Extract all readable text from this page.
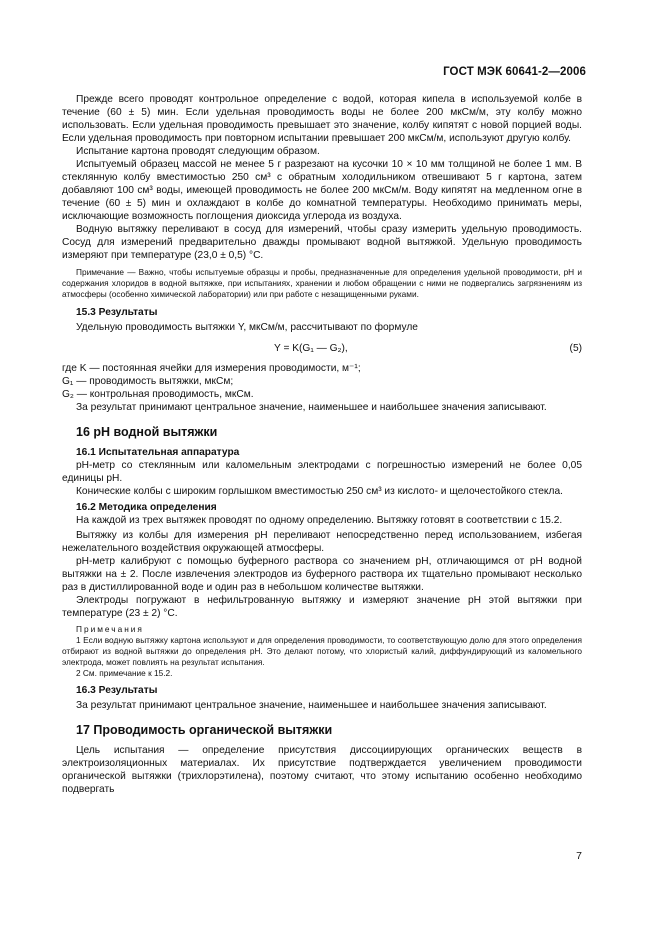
ГОСТ МЭК 60641-2—2006

Прежде всего проводят контрольное определение с водой, которая кипела в используемой колбе в течение (60 ± 5) мин. Если удельная проводимость воды не более 200 мкСм/м, эту колбу можно использовать. Если удельная проводимость превышает это значение, колбу кипятят с новой порцией воды. Если удельная проводимость при повторном испытании превышает 200 мкСм/м, используют другую колбу.

Испытание картона проводят следующим образом.

Испытуемый образец массой не менее 5 г разрезают на кусочки 10 × 10 мм толщиной не более 1 мм. В стеклянную колбу вместимостью 250 см³ с обратным холодильником отвешивают 5 г картона, затем добавляют 100 см³ воды, имеющей проводимость не более 200 мкСм/м. Воду кипятят на медленном огне в течение (60 ± 5) мин и охлаждают в колбе до комнатной температуры. Необходимо принимать меры, исключающие возможность поглощения диоксида углерода из воздуха.

Водную вытяжку переливают в сосуд для измерений, чтобы сразу измерить удельную проводимость. Сосуд для измерений предварительно дважды промывают водной вытяжкой. Удельную проводимость измеряют при температуре (23,0 ± 0,5) °С.

Примечание — Важно, чтобы испытуемые образцы и пробы, предназначенные для определения удельной проводимости, рН и содержания хлоридов в водной вытяжке, при испытаниях, хранении и любом обращении с ними не подвергались загрязнениям из атмосферы (особенно химической лаборатории) или при работе с незащищенными руками.

15.3 Результаты

Удельную проводимость вытяжки Y, мкСм/м, рассчитывают по формуле

Y = K(G₁ — G₂),	(5)

где K — постоянная ячейки для измерения проводимости, м⁻¹;

G₁ — проводимость вытяжки, мкСм;

G₂ — контрольная проводимость, мкСм.

За результат принимают центральное значение, наименьшее и наибольшее значения записывают.

16 pH водной вытяжки

16.1 Испытательная аппаратура

pH-метр со стеклянным или каломельным электродами с погрешностью измерений не более 0,05 единицы pH.

Конические колбы с широким горлышком вместимостью 250 см³ из кислото- и щелочестойкого стекла.

16.2 Методика определения

На каждой из трех вытяжек проводят по одному определению. Вытяжку готовят в соответствии с 15.2.

Вытяжку из колбы для измерения pH переливают непосредственно перед использованием, избегая нежелательного воздействия окружающей атмосферы.

pH-метр калибруют с помощью буферного раствора со значением pH, отличающимся от pH водной вытяжки на ± 2. После извлечения электродов из буферного раствора их тщательно промывают несколько раз в дистиллированной воде и один раз в небольшом количестве вытяжки.

Электроды погружают в нефильтрованную вытяжку и измеряют значение pH этой вытяжки при температуре (23 ± 2) °С.

Примечания

1 Если водную вытяжку картона используют и для определения проводимости, то соответствующую долю для этого определения отбирают из водной вытяжки до определения pH. Это делают потому, что хлористый калий, диффундирующий из каломельного электрода, может повлиять на результат испытания.

2 См. примечание к 15.2.

16.3 Результаты

За результат принимают центральное значение, наименьшее и наибольшее значения записывают.

17 Проводимость органической вытяжки

Цель испытания — определение присутствия диссоциирующих органических веществ в электроизоляционных материалах. Их присутствие подтверждается увеличением проводимости органической вытяжки (трихлорэтилена), поэтому считают, что этому испытанию особенно необходимо подвергать

7
